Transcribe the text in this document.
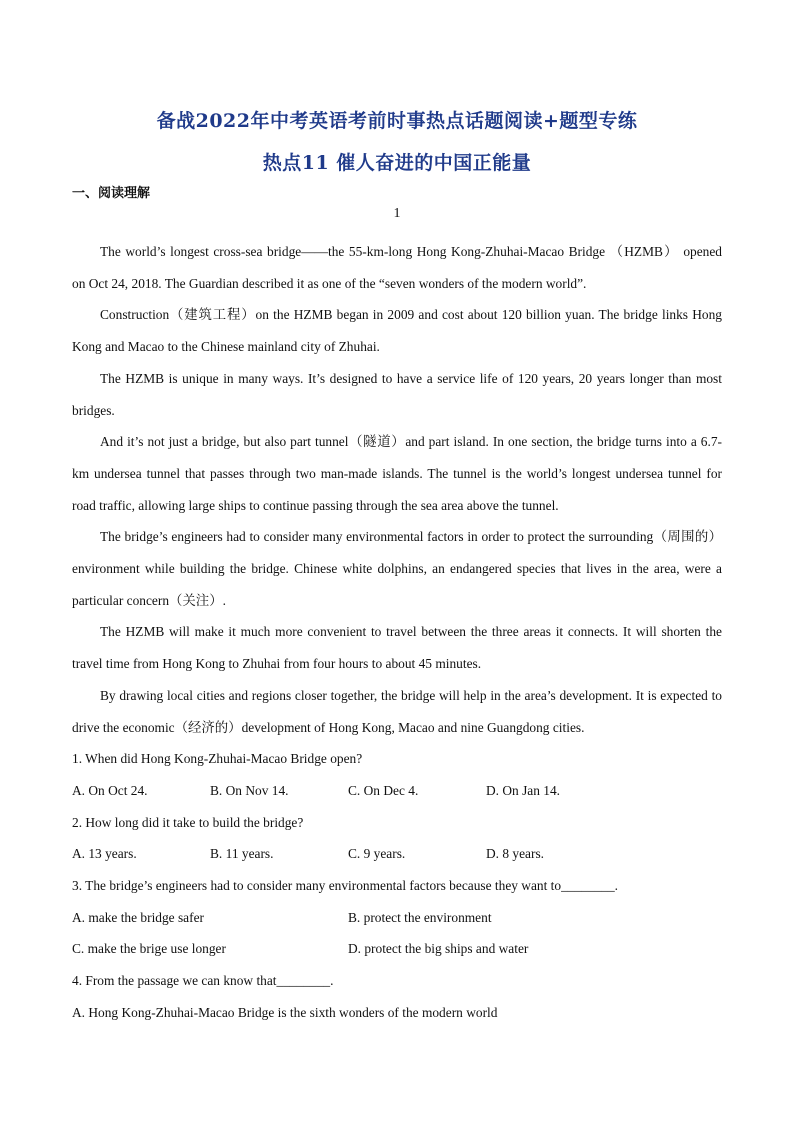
备战2022年中考英语考前时事热点话题阅读+题型专练
热点11 催人奋进的中国正能量
一、阅读理解
1

The world’s longest cross-sea bridge——the 55-km-long Hong Kong-Zhuhai-Macao Bridge （HZMB） opened on Oct 24, 2018. The Guardian described it as one of the “seven wonders of the modern world”.

Construction（建筑工程）on the HZMB began in 2009 and cost about 120 billion yuan. The bridge links Hong Kong and Macao to the Chinese mainland city of Zhuhai.

The HZMB is unique in many ways. It’s designed to have a service life of 120 years, 20 years longer than most bridges.

And it’s not just a bridge, but also part tunnel（隧道）and part island. In one section, the bridge turns into a 6.7-km undersea tunnel that passes through two man-made islands. The tunnel is the world’s longest undersea tunnel for road traffic, allowing large ships to continue passing through the sea area above the tunnel.

The bridge’s engineers had to consider many environmental factors in order to protect the surrounding（周围的）environment while building the bridge. Chinese white dolphins, an endangered species that lives in the area, were a particular concern（关注）.

The HZMB will make it much more convenient to travel between the three areas it connects. It will shorten the travel time from Hong Kong to Zhuhai from four hours to about 45 minutes.

By drawing local cities and regions closer together, the bridge will help in the area’s development. It is expected to drive the economic（经济的）development of Hong Kong, Macao and nine Guangdong cities.

1. When did Hong Kong-Zhuhai-Macao Bridge open?

A. On Oct 24.	B. On Nov 14.	C. On Dec 4.	D. On Jan 14.

2. How long did it take to build the bridge?

A. 13 years.	B. 11 years.	C. 9 years.	D. 8 years.

3. The bridge’s engineers had to consider many environmental factors because they want to________.

A. make the bridge safer	B. protect the environment
C. make the brige use longer	D. protect the big ships and water

4. From the passage we can know that________.

A. Hong Kong-Zhuhai-Macao Bridge is the sixth wonders of the modern world
